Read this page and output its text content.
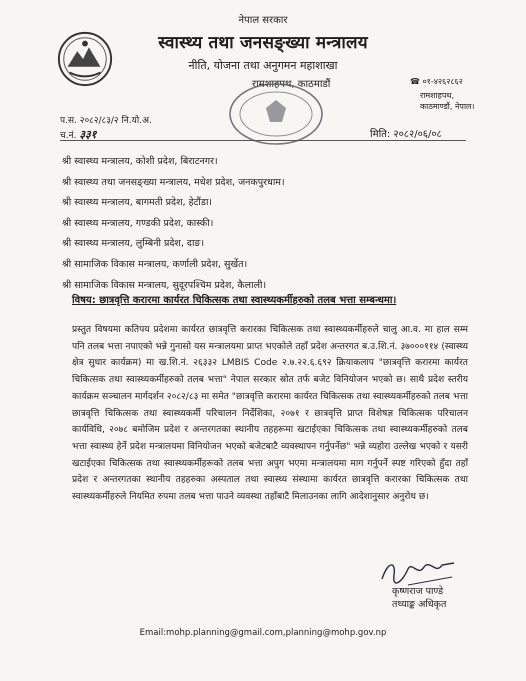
नेपाल सरकार
स्वास्थ्य तथा जनसङ्ख्या मन्त्रालय
नीति, योजना तथा अनुगमन महाशाखा
रामशाहपथ, काठमाडौं	☎ ०१-४२६२८६२
रामशाहपथ,
काठमाण्डौं, नेपाल।
प.स. २०८२/८३/२ नि.यो.अ.
च.नं. ३३१	मिति: २०८२/०६/०८
श्री स्वास्थ्य मन्त्रालय, कोशी प्रदेश, बिराटनगर।
श्री स्वास्थ्य तथा जनसङ्ख्या मन्त्रालय, मधेश प्रदेश, जनकपुरधाम।
श्री स्वास्थ्य मन्त्रालय, बागमती प्रदेश, हेटौंडा।
श्री स्वास्थ्य मन्त्रालय, गण्डकी प्रदेश, कास्की।
श्री स्वास्थ्य मन्त्रालय, लुम्बिनी प्रदेश, दाङ।
श्री सामाजिक विकास मन्त्रालय, कर्णाली प्रदेश, सुर्खेत।
श्री सामाजिक विकास मन्त्रालय, सुदूरपश्चिम प्रदेश, कैलाली।
विषय: छात्रवृत्ति करारमा कार्यरत चिकित्सक तथा स्वास्थ्यकर्मीहरुको तलब भत्ता सम्बन्धमा।
प्रस्तुत विषयमा कतिपय प्रदेशमा कार्यरत छात्रवृत्ति करारका चिकित्सक तथा स्वास्थ्यकर्मीहरुले चालु आ.व. मा हाल सम्म पनि तलब भत्ता नपाएको भन्ने गुनासो यस मन्त्रालयमा प्राप्त भएकोले तहाँ प्रदेश अन्तरगत ब.उ.शि.नं. ३७०००११४ (स्वास्थ्य क्षेत्र सुधार कार्यक्रम) मा ख.शि.नं. २६३३२ LMBIS Code २.७.२२.६.६९२ क्रियाकलाप "छात्रवृत्ति करारमा कार्यरत चिकित्सक तथा स्वास्थ्यकर्मीहरुको तलब भत्ता" नेपाल सरकार स्रोत तर्फ बजेट विनियोजन भएको छ। साथै प्रदेश स्तरीय कार्यक्रम सञ्चालन मार्गदर्शन २०८२/८३ मा समेत "छात्रवृत्ति करारमा कार्यरत चिकित्सक तथा स्वास्थ्यकर्मीहरुको तलब भत्ता छात्रवृत्ति चिकित्सक तथा स्वास्थ्यकर्मी परिचालन निर्देशिका, २०७१ र छात्रवृत्ति प्राप्त विशेषज्ञ चिकित्सक परिचालन कार्यविधि, २०७८ बमोजिम प्रदेश र अन्तरगतका स्थानीय तहहरूमा खटाईएका चिकित्सक तथा स्वास्थ्यकर्मीहरुको तलब भत्ता स्वास्थ्य हेर्ने प्रदेश मन्त्रालयमा विनियोजन भएको बजेटबाटै व्यवस्थापन गर्नुपर्नेछ" भन्ने व्यहोरा उल्लेख भएको र यसरी खटाईएका चिकित्सक तथा स्वास्थ्यकर्मीहरूको तलब भत्ता अपुग भएमा मन्त्रालयमा माग गर्नुपर्ने स्पष्ट गरिएको हुँदा तहाँ प्रदेश र अन्तरगतका स्थानीय तहहरुका अस्पताल तथा स्वास्थ्य संस्थामा कार्यरत छात्रवृत्ति करारका चिकित्सक तथा स्वास्थ्यकर्मीहरुले नियमित रुपमा तलब भत्ता पाउने व्यवस्था तहाँबाटै मिलाउनका लागि आदेशानुसार अनुरोध छ।
कृष्णराज पाण्डे
तथ्याङ्क अधिकृत
Email:mohp.planning@gmail.com,planning@mohp.gov.np
